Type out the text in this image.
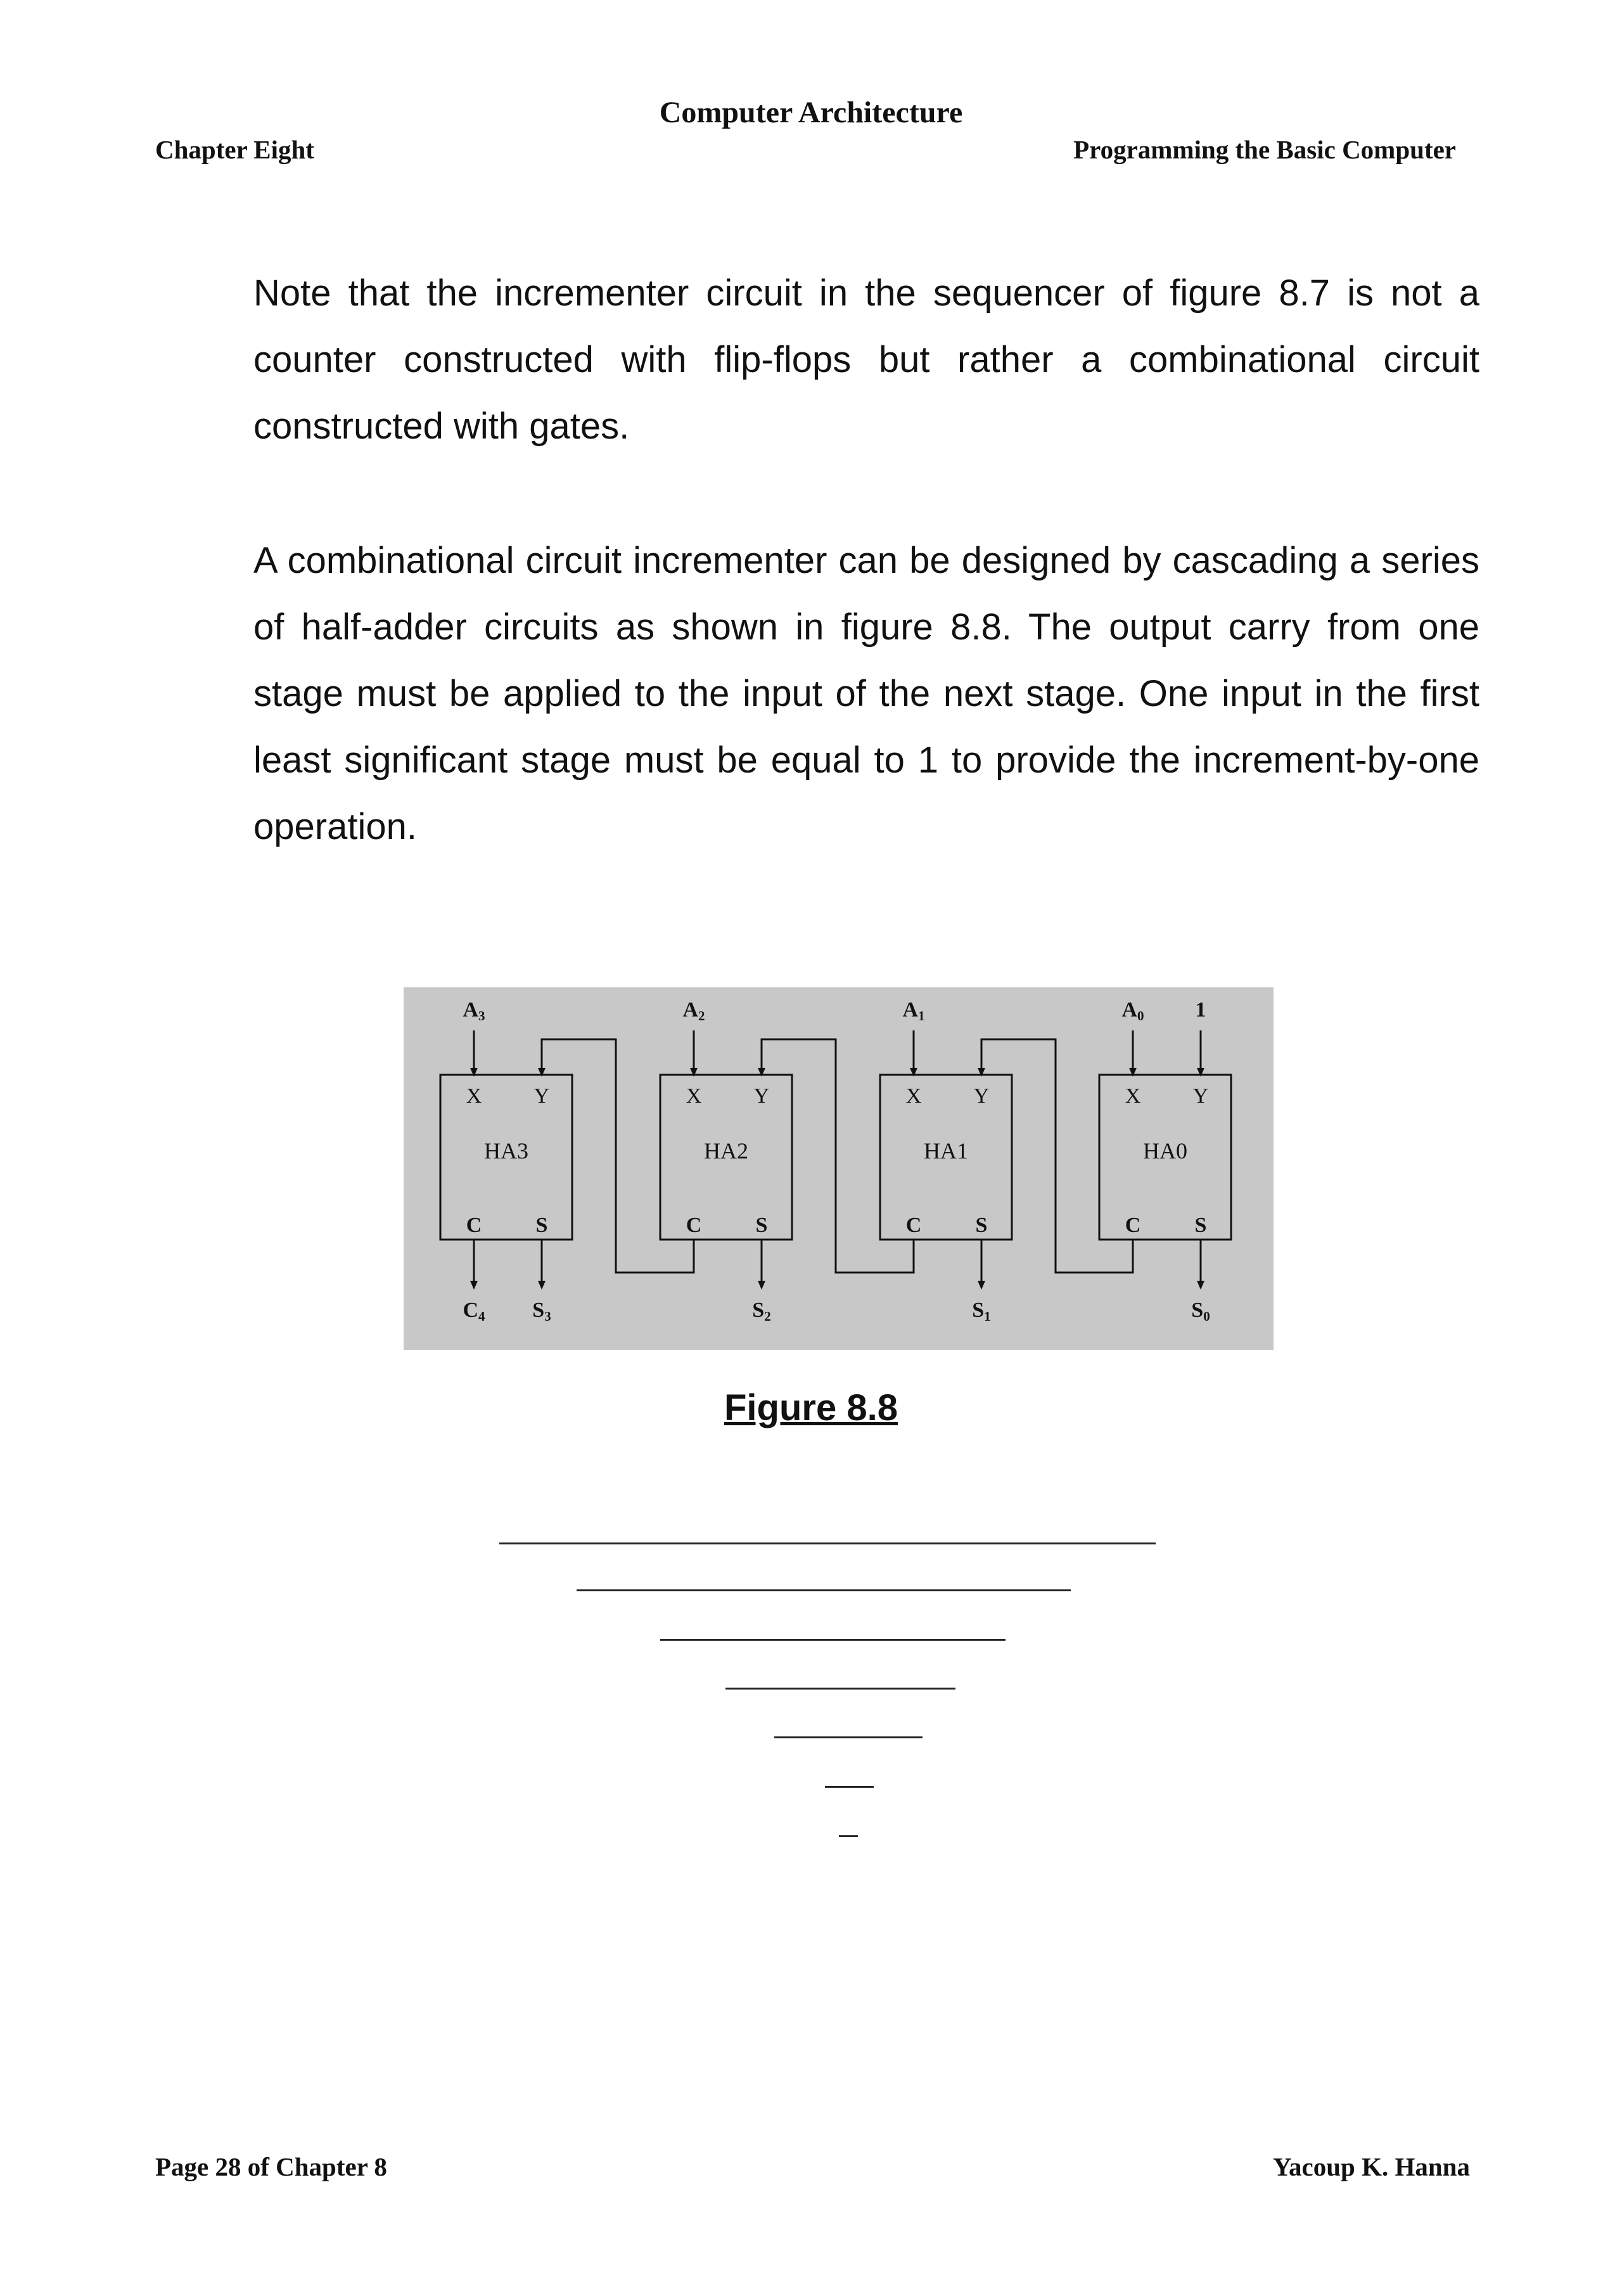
Computer Architecture
Chapter Eight	Programming the Basic Computer

Note that the incrementer circuit in the sequencer of figure 8.7 is not a counter constructed with flip-flops but rather a combinational circuit constructed with gates.

A combinational circuit incrementer can be designed by cascading a series of half-adder circuits as shown in figure 8.8. The output carry from one stage must be applied to the input of the next stage. One input in the first least significant stage must be equal to 1 to provide the increment-by-one operation.

X Y
HA3
C	S
A3
S3
C4
X Y
HA2
C	S
A2
S2
X Y
HA1
C	S
A1
S1
X Y
HA0
C	S
A0 1
S0
Figure 8.8
Page 28 of Chapter 8	Yacoup K. Hanna
